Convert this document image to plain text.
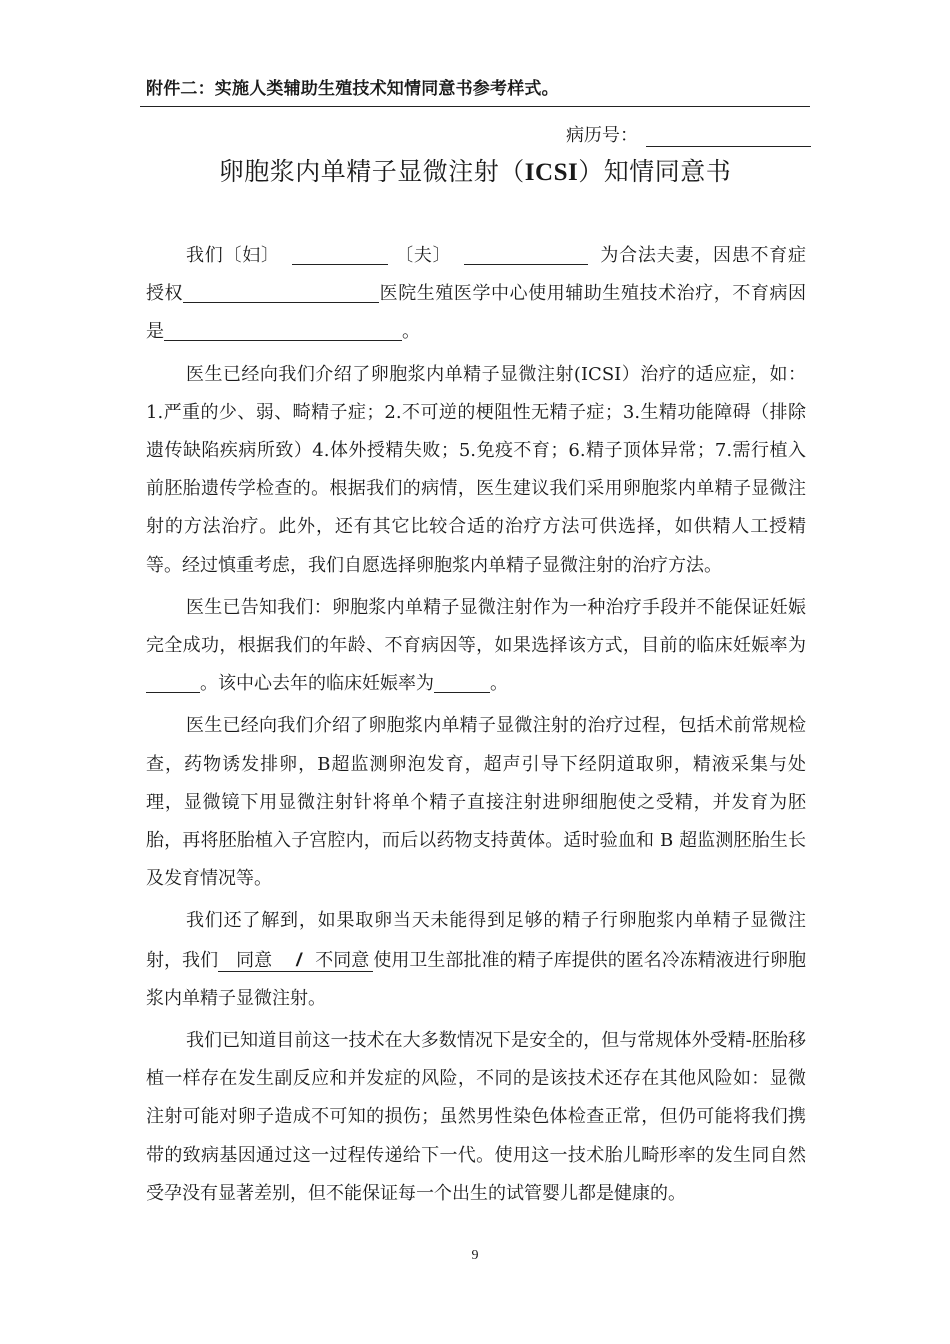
附件二：实施人类辅助生殖技术知情同意书参考样式。
病历号：
卵胞浆内单精子显微注射（ICSI）知情同意书

我们〔妇〕	〔夫〕	为合法夫妻，因患不育症授权	医院生殖医学中心使用辅助生殖技术治疗，不育病因是	。

医生已经向我们介绍了卵胞浆内单精子显微注射(ICSI）治疗的适应症，如：1.严重的少、弱、畸精子症；2.不可逆的梗阻性无精子症；3.生精功能障碍（排除遗传缺陷疾病所致）4.体外授精失败；5.免疫不育；6.精子顶体异常；7.需行植入前胚胎遗传学检查的。根据我们的病情，医生建议我们采用卵胞浆内单精子显微注射的方法治疗。此外，还有其它比较合适的治疗方法可供选择，如供精人工授精等。经过慎重考虑，我们自愿选择卵胞浆内单精子显微注射的治疗方法。

医生已告知我们：卵胞浆内单精子显微注射作为一种治疗手段并不能保证妊娠完全成功，根据我们的年龄、不育病因等，如果选择该方式，目前的临床妊娠率为。该中心去年的临床妊娠率为	。

医生已经向我们介绍了卵胞浆内单精子显微注射的治疗过程，包括术前常规检查，药物诱发排卵，B超监测卵泡发育，超声引导下经阴道取卵，精液采集与处理，显微镜下用显微注射针将单个精子直接注射进卵细胞使之受精，并发育为胚胎，再将胚胎植入子宫腔内，而后以药物支持黄体。适时验血和 B 超监测胚胎生长及发育情况等。

我们还了解到，如果取卵当天未能得到足够的精子行卵胞浆内单精子显微注射，我们 同意 / 不同意 使用卫生部批准的精子库提供的匿名冷冻精液进行卵胞浆内单精子显微注射。

我们已知道目前这一技术在大多数情况下是安全的，但与常规体外受精-胚胎移植一样存在发生副反应和并发症的风险，不同的是该技术还存在其他风险如：显微注射可能对卵子造成不可知的损伤；虽然男性染色体检查正常，但仍可能将我们携带的致病基因通过这一过程传递给下一代。使用这一技术胎儿畸形率的发生同自然受孕没有显著差别，但不能保证每一个出生的试管婴儿都是健康的。

9
